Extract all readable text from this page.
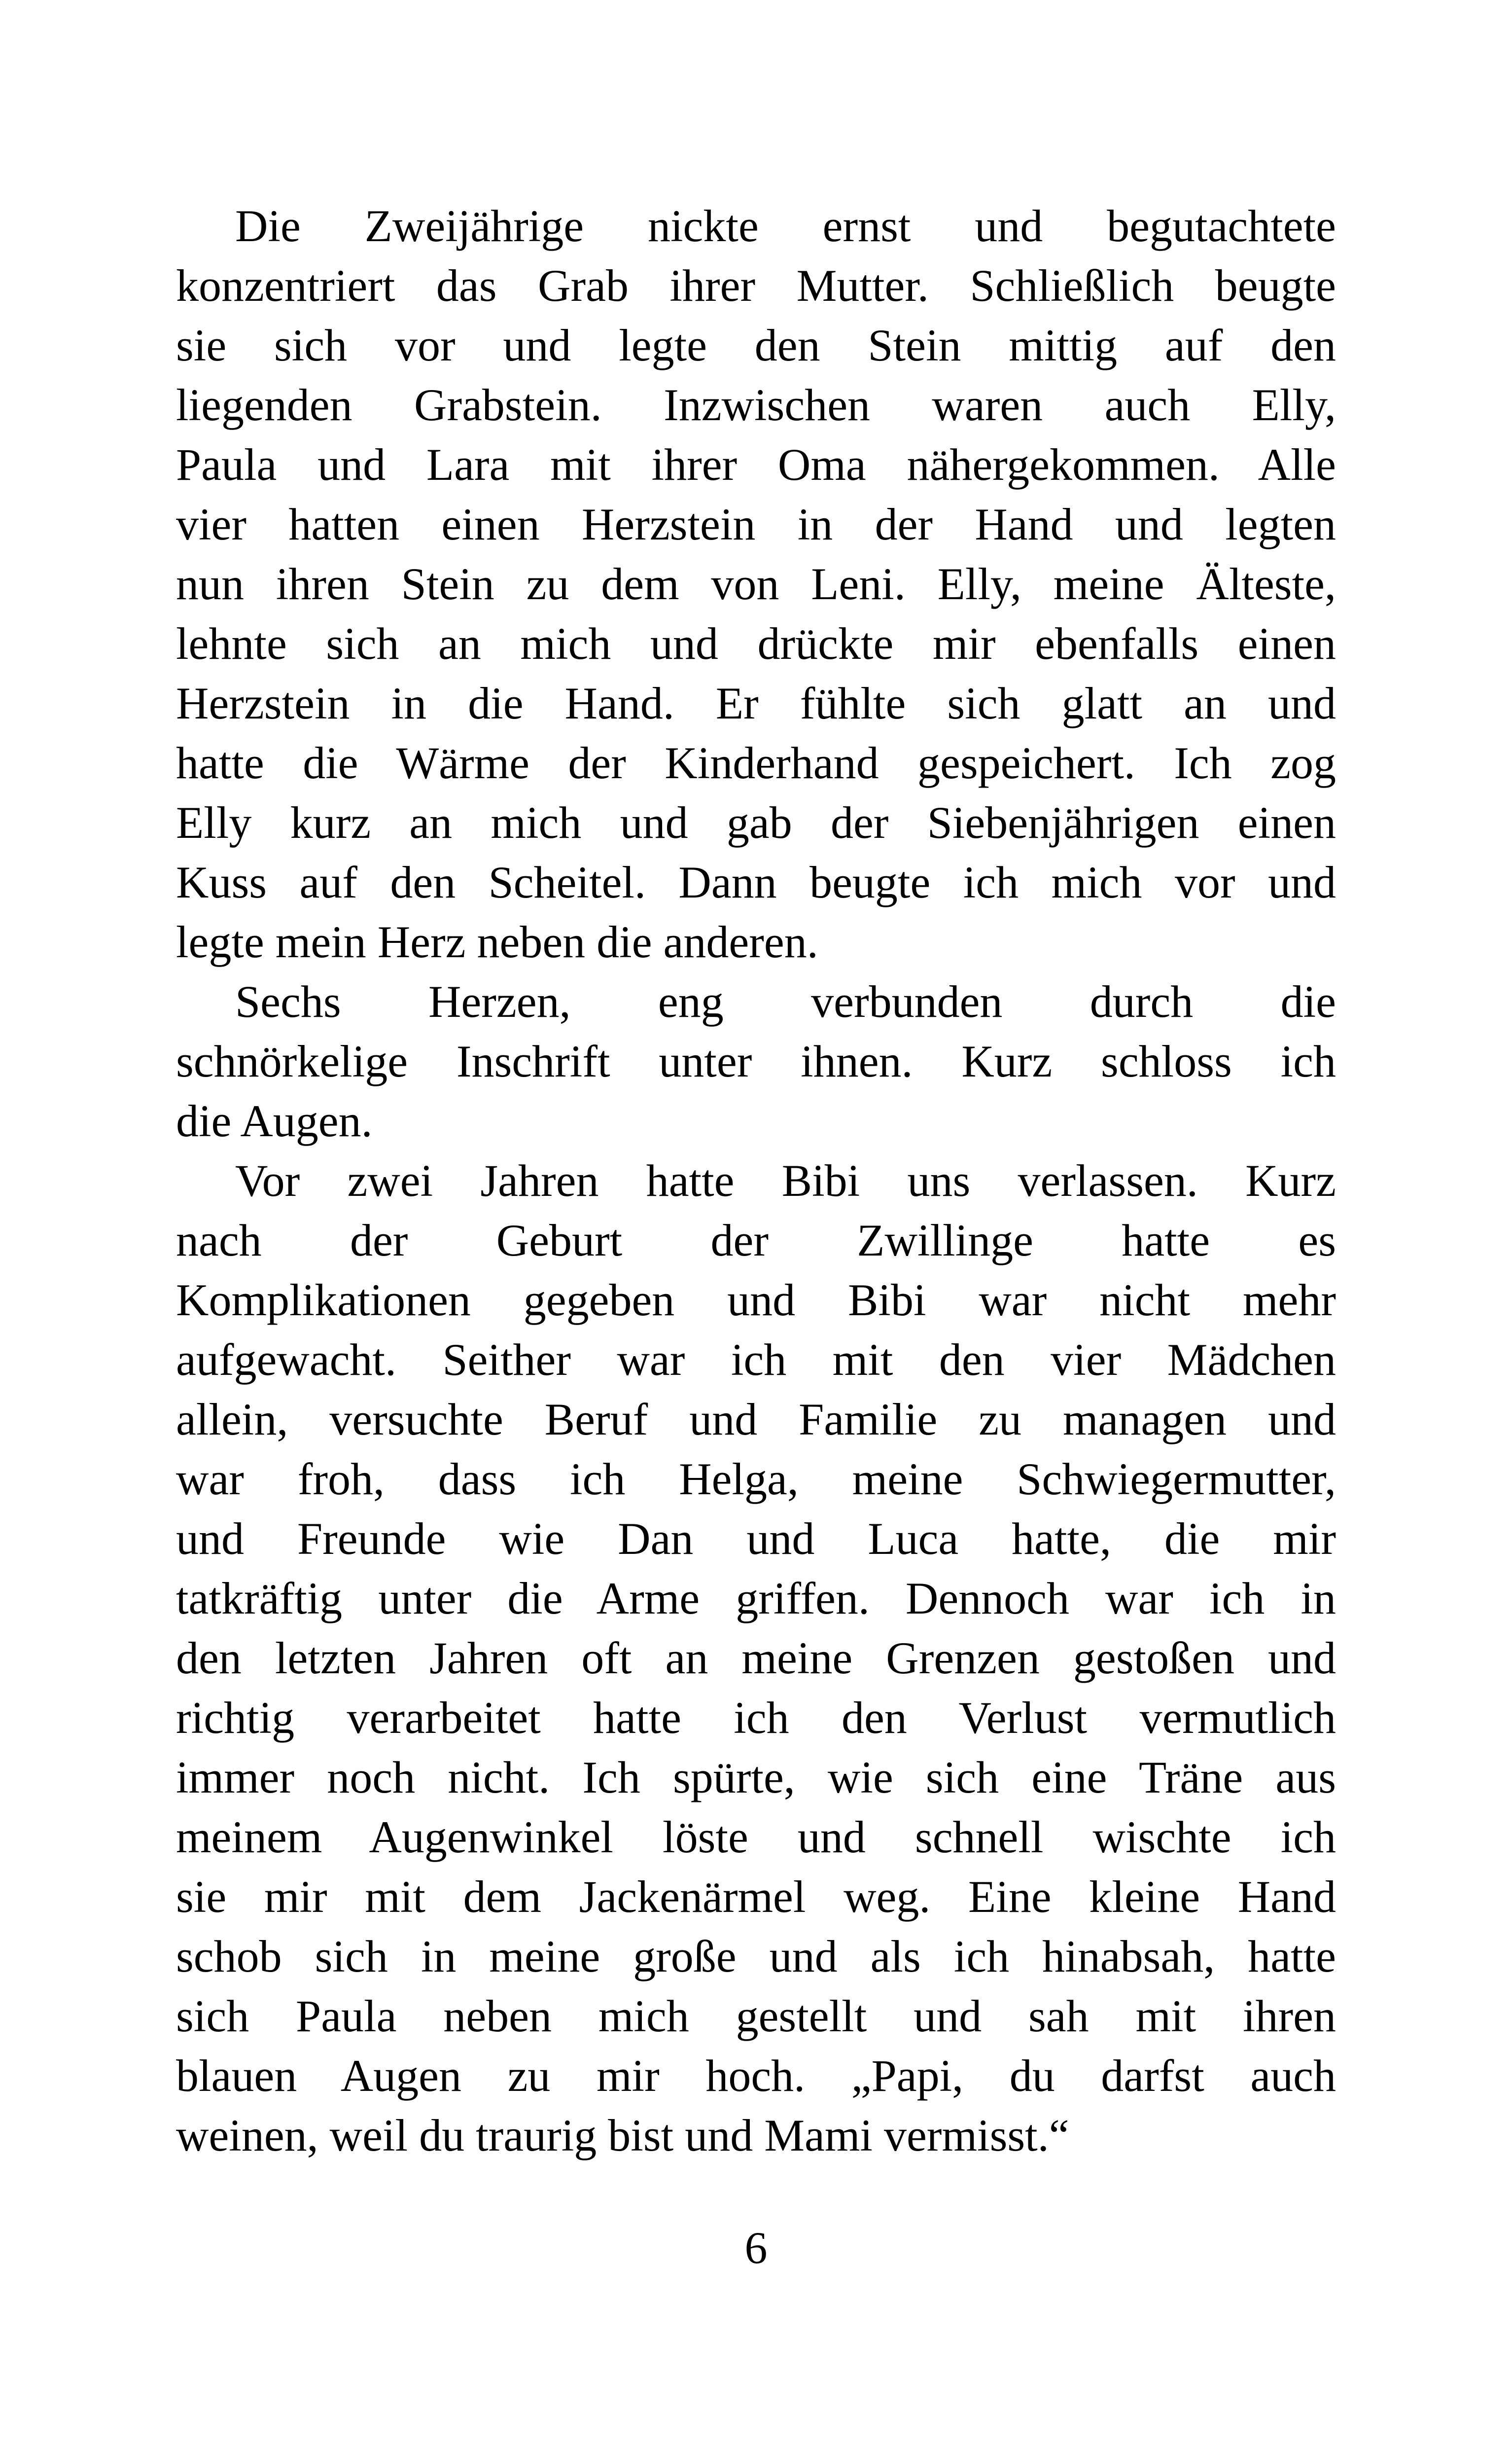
Die Zweijährige nickte ernst und begutachtete
konzentriert das Grab ihrer Mutter. Schließlich beugte
sie sich vor und legte den Stein mittig auf den
liegenden Grabstein. Inzwischen waren auch Elly,
Paula und Lara mit ihrer Oma nähergekommen. Alle
vier hatten einen Herzstein in der Hand und legten
nun ihren Stein zu dem von Leni. Elly, meine Älteste,
lehnte sich an mich und drückte mir ebenfalls einen
Herzstein in die Hand. Er fühlte sich glatt an und
hatte die Wärme der Kinderhand gespeichert. Ich zog
Elly kurz an mich und gab der Siebenjährigen einen
Kuss auf den Scheitel. Dann beugte ich mich vor und
legte mein Herz neben die anderen.
Sechs Herzen, eng verbunden durch die
schnörkelige Inschrift unter ihnen. Kurz schloss ich
die Augen.
Vor zwei Jahren hatte Bibi uns verlassen. Kurz
nach der Geburt der Zwillinge hatte es
Komplikationen gegeben und Bibi war nicht mehr
aufgewacht. Seither war ich mit den vier Mädchen
allein, versuchte Beruf und Familie zu managen und
war froh, dass ich Helga, meine Schwiegermutter,
und Freunde wie Dan und Luca hatte, die mir
tatkräftig unter die Arme griffen. Dennoch war ich in
den letzten Jahren oft an meine Grenzen gestoßen und
richtig verarbeitet hatte ich den Verlust vermutlich
immer noch nicht. Ich spürte, wie sich eine Träne aus
meinem Augenwinkel löste und schnell wischte ich
sie mir mit dem Jackenärmel weg. Eine kleine Hand
schob sich in meine große und als ich hinabsah, hatte
sich Paula neben mich gestellt und sah mit ihren
blauen Augen zu mir hoch. „Papi, du darfst auch
weinen, weil du traurig bist und Mami vermisst.“
6
